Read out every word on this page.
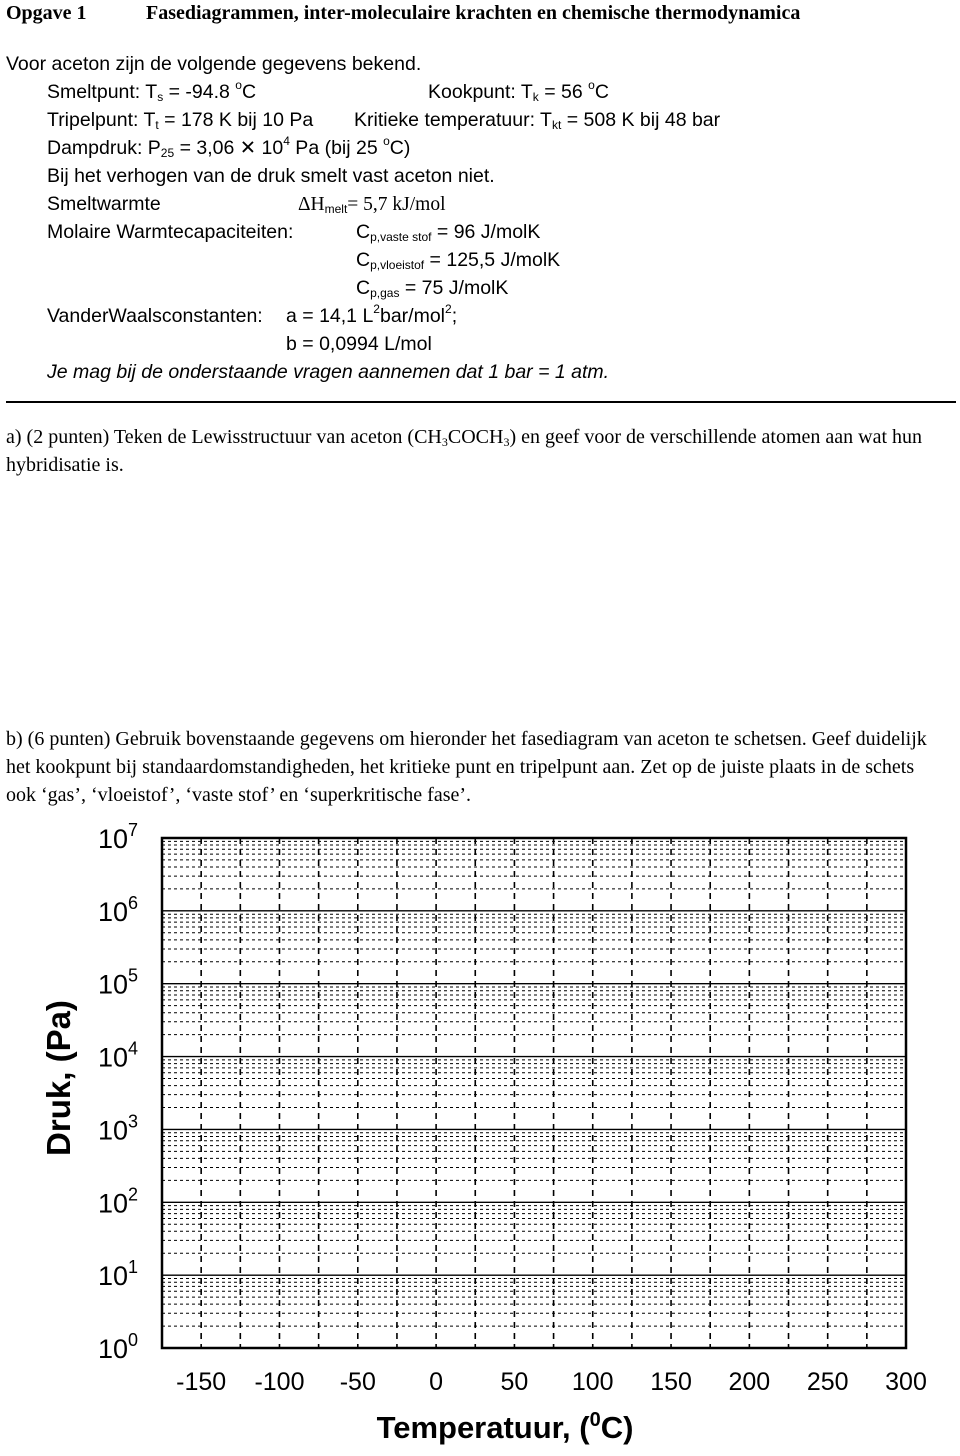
Opgave 1	Fasediagrammen, inter-moleculaire krachten en chemische thermodynamica
Voor aceton zijn de volgende gegevens bekend.
Smeltpunt: $T_s = -94.8$ $^o$C	Kookpunt: $T_k = 56$ $^o$C
Tripelpunt: $T_t = 178$ K bij 10 Pa Kritieke temperatuur: $T_{kt} = 508$ K bij 48 bar
Dampdruk: $P_{25} = 3,06$ ✕ $10^4$ Pa (bij 25 $^o$C)
Bij het verhogen van de druk smelt vast aceton niet.
Smeltwarmte	$\Delta H_{melt}= 5,7$ kJ/mol
Molaire Warmtecapaciteiten:	$C_{p,vaste stof} = 96$ J/molK
$C_{p,vloeistof} = 125,5$ J/molK
$C_{p,gas} = 75$ J/molK
VanderWaalsconstanten: a = 14,1 $L^2bar/mol^2$;
b = 0,0994 L/mol
Je mag bij de onderstaande vragen aannemen dat 1 bar = 1 atm.
a) (2 punten) Teken de Lewisstructuur van aceton $(CH_3COCH_3)$ en geef voor de verschillende atomen aan wat hun hybridisatie is.
b) (6 punten) Gebruik bovenstaande gegevens om hieronder het fasediagram van aceton te schetsen. Geef duidelijk het kookpunt bij standaardomstandigheden, het kritieke punt en tripelpunt aan. Zet op de juiste plaats in de schets ook ‘gas’, ‘vloeistof’, ‘vaste stof’ en ‘superkritische fase’.
$10^0$
$10^1$
$10^2$
$10^3$
$10^4$
$10^5$
$10^6$
$10^7$
-150 -100 -50 0 50 100 150 200 250 300
Temperatuur, ($^0$C)
Druk, (Pa)
